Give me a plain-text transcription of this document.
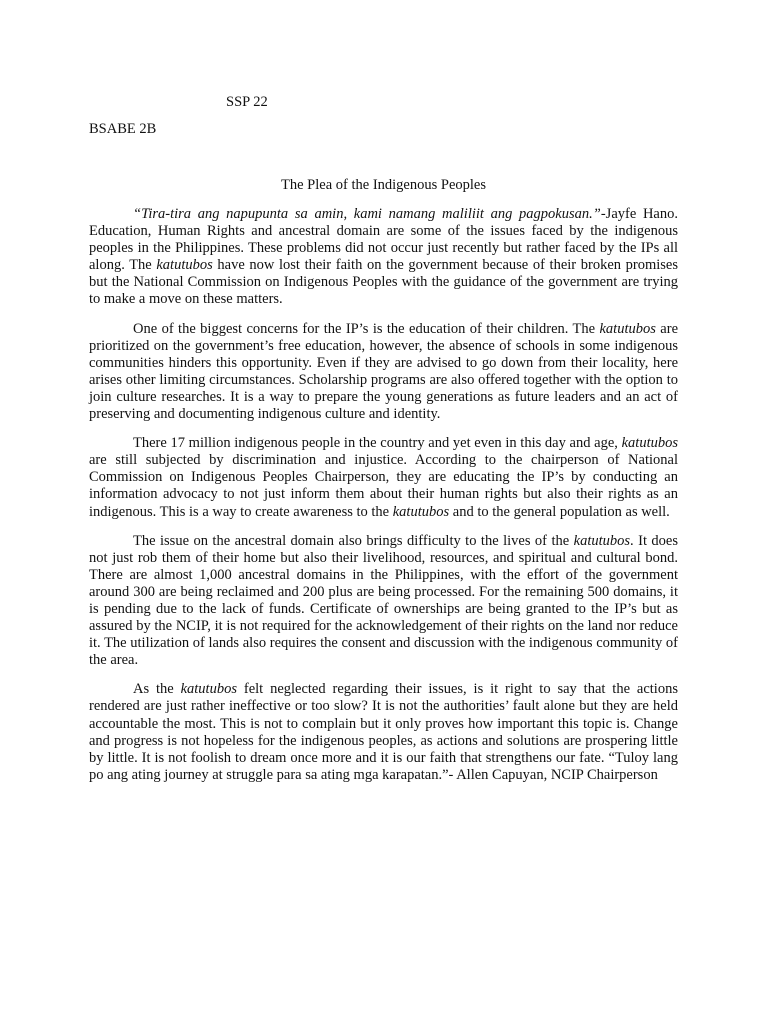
SSP 22
BSABE 2B
The Plea of the Indigenous Peoples

“Tira-tira ang napupunta sa amin, kami namang maliliit ang pagpokusan.”-Jayfe Hano. Education, Human Rights and ancestral domain are some of the issues faced by the indigenous peoples in the Philippines. These problems did not occur just recently but rather faced by the IPs all along. The katutubos have now lost their faith on the government because of their broken promises but the National Commission on Indigenous Peoples with the guidance of the government are trying to make a move on these matters.

One of the biggest concerns for the IP’s is the education of their children. The katutubos are prioritized on the government’s free education, however, the absence of schools in some indigenous communities hinders this opportunity. Even if they are advised to go down from their locality, here arises other limiting circumstances. Scholarship programs are also offered together with the option to join culture researches. It is a way to prepare the young generations as future leaders and an act of preserving and documenting indigenous culture and identity.

There 17 million indigenous people in the country and yet even in this day and age, katutubos are still subjected by discrimination and injustice. According to the chairperson of National Commission on Indigenous Peoples Chairperson, they are educating the IP’s by conducting an information advocacy to not just inform them about their human rights but also their rights as an indigenous. This is a way to create awareness to the katutubos and to the general population as well.

The issue on the ancestral domain also brings difficulty to the lives of the katutubos. It does not just rob them of their home but also their livelihood, resources, and spiritual and cultural bond. There are almost 1,000 ancestral domains in the Philippines, with the effort of the government around 300 are being reclaimed and 200 plus are being processed. For the remaining 500 domains, it is pending due to the lack of funds. Certificate of ownerships are being granted to the IP’s but as assured by the NCIP, it is not required for the acknowledgement of their rights on the land nor reduce it. The utilization of lands also requires the consent and discussion with the indigenous community of the area.

As the katutubos felt neglected regarding their issues, is it right to say that the actions rendered are just rather ineffective or too slow? It is not the authorities’ fault alone but they are held accountable the most. This is not to complain but it only proves how important this topic is. Change and progress is not hopeless for the indigenous peoples, as actions and solutions are prospering little by little. It is not foolish to dream once more and it is our faith that strengthens our fate. “Tuloy lang po ang ating journey at struggle para sa ating mga karapatan.”- Allen Capuyan, NCIP Chairperson
